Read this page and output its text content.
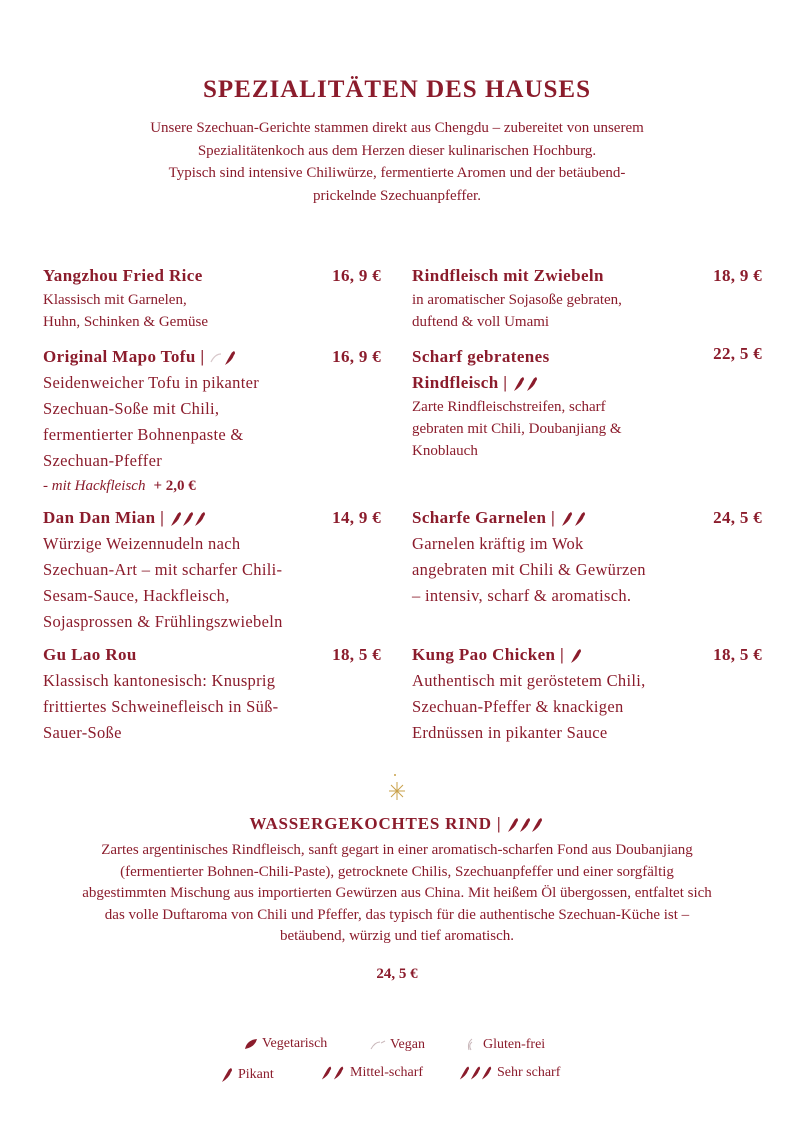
SPEZIALITÄTEN DES HAUSES
Unsere Szechuan-Gerichte stammen direkt aus Chengdu – zubereitet von unserem
Spezialitätenkoch aus dem Herzen dieser kulinarischen Hochburg.
Typisch sind intensive Chiliwürze, fermentierte Aromen und der betäubend-
prickelnde Szechuanpfeffer.
Yangzhou Fried Rice	16, 9 €
Klassisch mit Garnelen,
Huhn, Schinken & Gemüse
Rindfleisch mit Zwiebeln	18, 9 €
in aromatischer Sojasoße gebraten,
duftend & voll Umami
Original Mapo Tofu |	16, 9 €
Seidenweicher Tofu in pikanter
Szechuan-Soße mit Chili,
fermentierter Bohnenpaste &
Szechuan-Pfeffer
- mit Hackfleisch + 2,0 €
Scharf gebratenes
Rindfleisch |
22, 5 €
Zarte Rindfleischstreifen, scharf
gebraten mit Chili, Doubanjiang &
Knoblauch
Dan Dan Mian |	14, 9 €
Würzige Weizennudeln nach
Szechuan-Art – mit scharfer Chili-
Sesam-Sauce, Hackfleisch,
Sojasprossen & Frühlingszwiebeln
Scharfe Garnelen |	24, 5 €
Garnelen kräftig im Wok
angebraten mit Chili & Gewürzen
– intensiv, scharf & aromatisch.
Gu Lao Rou	18, 5 €
Klassisch kantonesisch: Knusprig
frittiertes Schweinefleisch in Süß-
Sauer-Soße
Kung Pao Chicken |	18, 5 €
Authentisch mit geröstetem Chili,
Szechuan-Pfeffer & knackigen
Erdnüssen in pikanter Sauce
WASSERGEKOCHTES RIND |
Zartes argentinisches Rindfleisch, sanft gegart in einer aromatisch-scharfen Fond aus Doubanjiang (fermentierter Bohnen-Chili-Paste), getrocknete Chilis, Szechuanpfeffer und einer sorgfältig abgestimmten Mischung aus importierten Gewürzen aus China. Mit heißem Öl übergossen, entfaltet sich das volle Duftaroma von Chili und Pfeffer, das typisch für die authentische Szechuan-Küche ist – betäubend, würzig und tief aromatisch.
24, 5 €
Vegetarisch	Vegan	Gluten-frei
Pikant	Mittel-scharf	Sehr scharf
